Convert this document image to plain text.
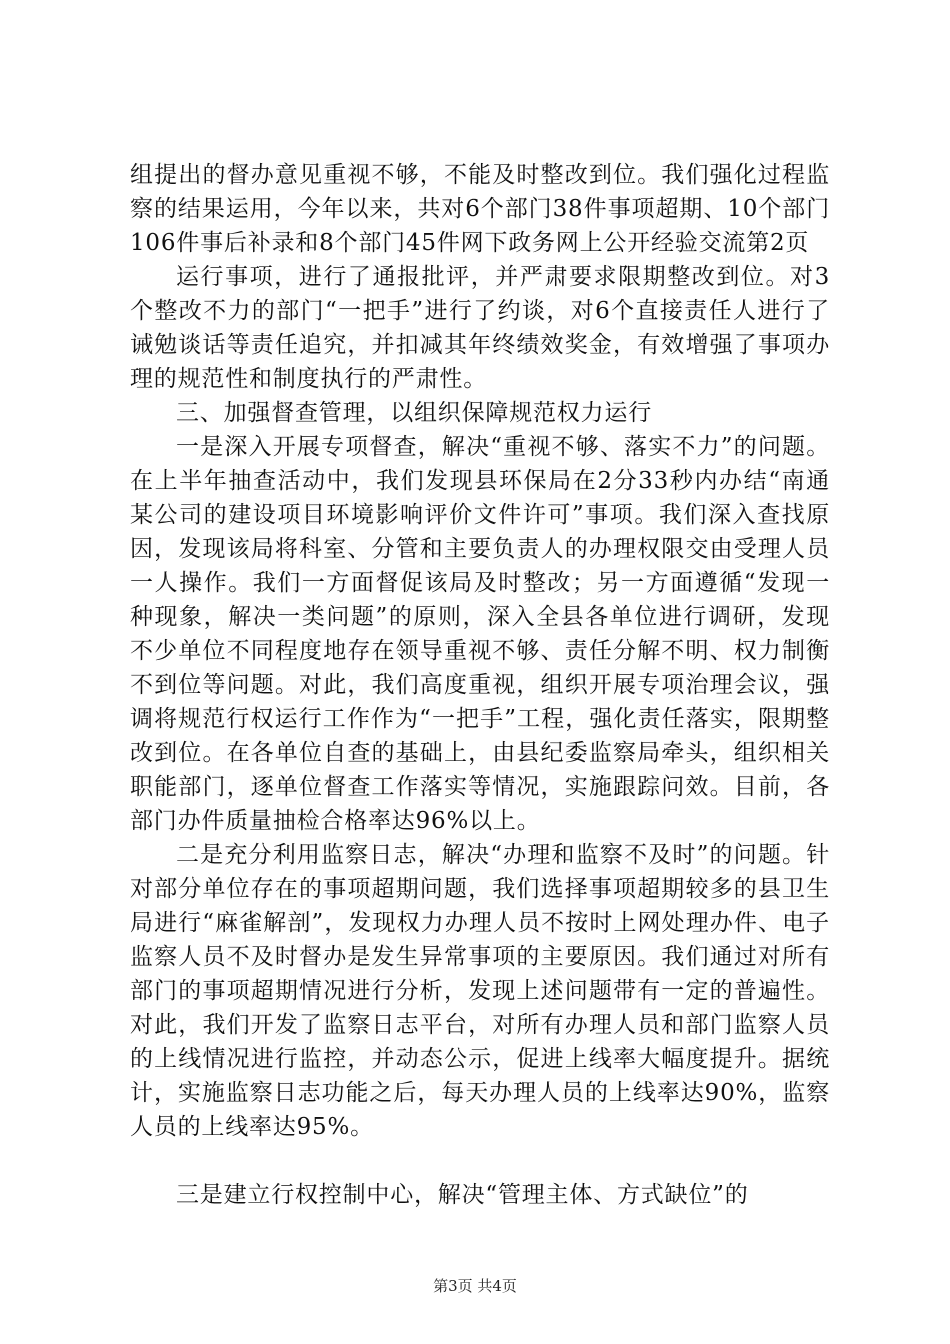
组提出的督办意见重视不够，不能及时整改到位。我们强化过程监察的结果运用，今年以来，共对6个部门38件事项超期、10个部门106件事后补录和8个部门45件网下政务网上公开经验交流第2页

运行事项，进行了通报批评，并严肃要求限期整改到位。对3个整改不力的部门“一把手”进行了约谈，对6个直接责任人进行了诫勉谈话等责任追究，并扣减其年终绩效奖金，有效增强了事项办理的规范性和制度执行的严肃性。

三、加强督查管理，以组织保障规范权力运行

一是深入开展专项督查，解决“重视不够、落实不力”的问题。在上半年抽查活动中，我们发现县环保局在2分33秒内办结“南通某公司的建设项目环境影响评价文件许可”事项。我们深入查找原因，发现该局将科室、分管和主要负责人的办理权限交由受理人员一人操作。我们一方面督促该局及时整改；另一方面遵循“发现一种现象，解决一类问题”的原则，深入全县各单位进行调研，发现不少单位不同程度地存在领导重视不够、责任分解不明、权力制衡不到位等问题。对此，我们高度重视，组织开展专项治理会议，强调将规范行权运行工作作为“一把手”工程，强化责任落实，限期整改到位。在各单位自查的基础上，由县纪委监察局牵头，组织相关职能部门，逐单位督查工作落实等情况，实施跟踪问效。目前，各部门办件质量抽检合格率达96%以上。

二是充分利用监察日志，解决“办理和监察不及时”的问题。针对部分单位存在的事项超期问题，我们选择事项超期较多的县卫生局进行“麻雀解剖”，发现权力办理人员不按时上网处理办件、电子监察人员不及时督办是发生异常事项的主要原因。我们通过对所有部门的事项超期情况进行分析，发现上述问题带有一定的普遍性。对此，我们开发了监察日志平台，对所有办理人员和部门监察人员的上线情况进行监控，并动态公示，促进上线率大幅度提升。据统计，实施监察日志功能之后，每天办理人员的上线率达90%，监察人员的上线率达95%。

三是建立行权控制中心，解决“管理主体、方式缺位”的

第3页 共4页
